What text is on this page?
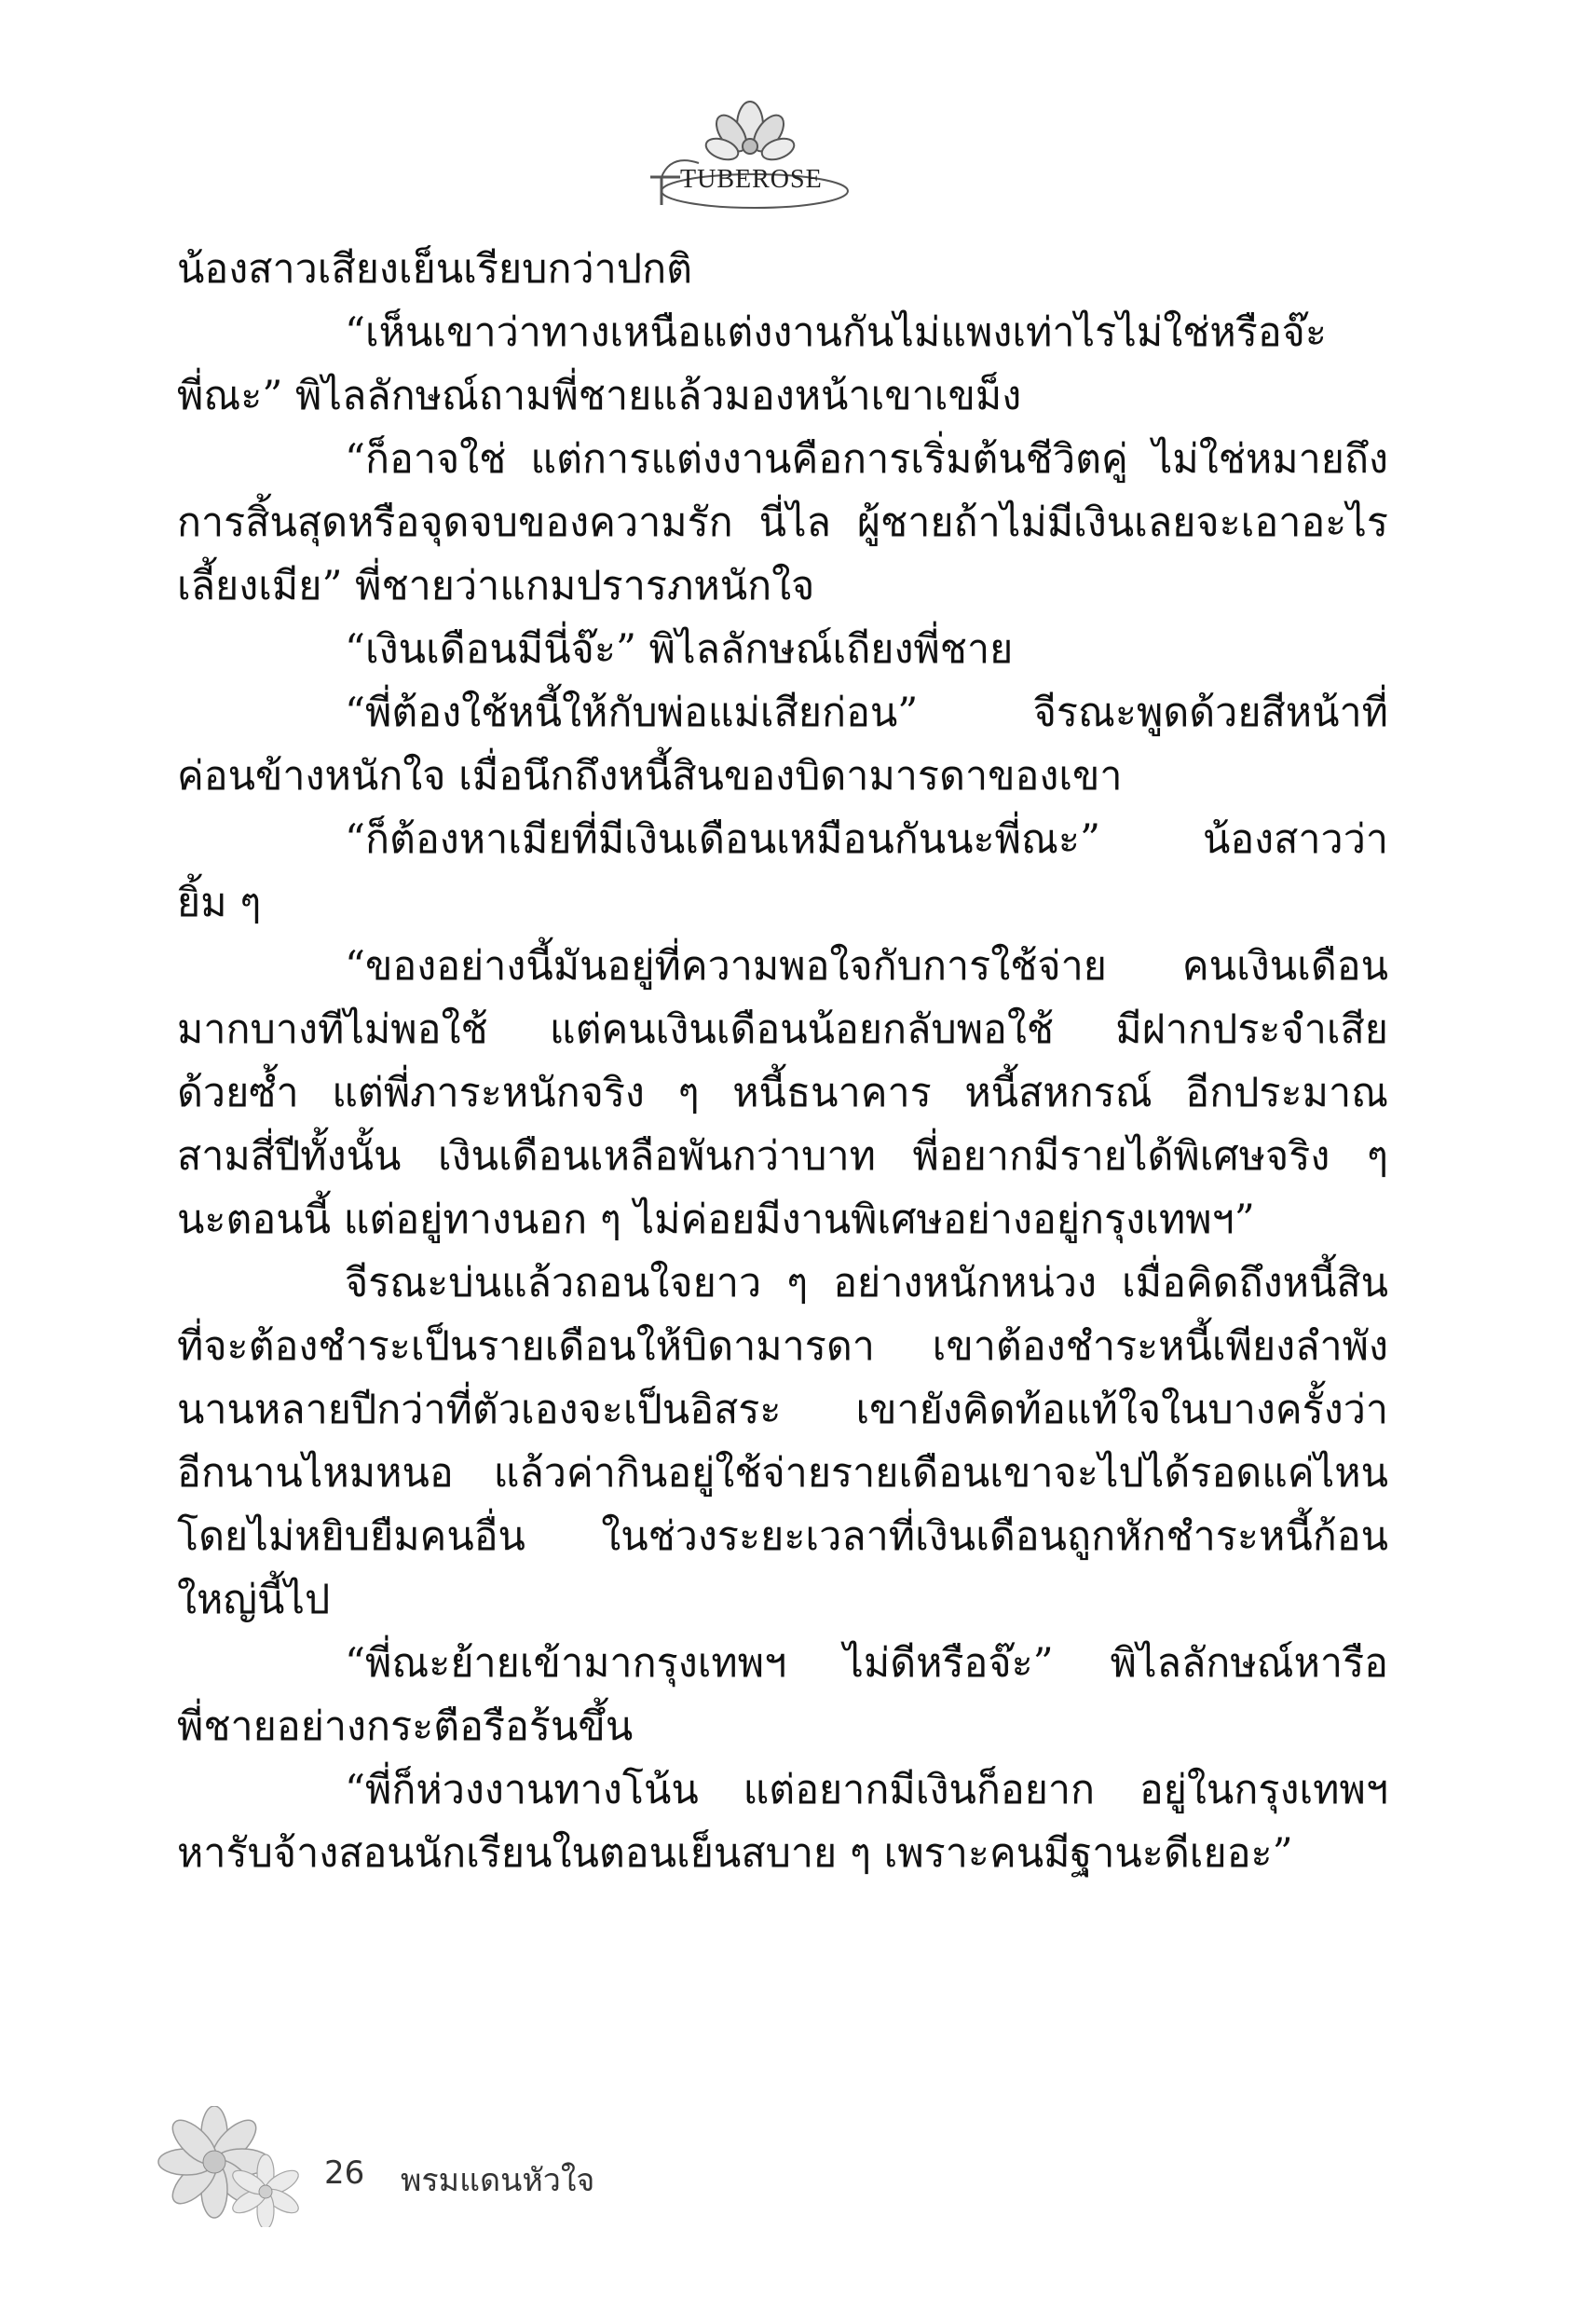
TUBEROSE
น้องสาวเสียงเย็นเรียบกว่าปกติ
“เห็นเขาว่าทางเหนือแต่งงานกันไม่แพงเท่าไรไม่ใช่หรือจ๊ะ
พี่ณะ” พิไลลักษณ์ถามพี่ชายแล้วมองหน้าเขาเขม็ง
“ก็อาจใช่ แต่การแต่งงานคือการเริ่มต้นชีวิตคู่ ไม่ใช่หมายถึง
การสิ้นสุดหรือจุดจบของความรัก นี่ไล ผู้ชายถ้าไม่มีเงินเลยจะเอาอะไร
เลี้ยงเมีย” พี่ชายว่าแกมปรารภหนักใจ
“เงินเดือนมีนี่จ๊ะ” พิไลลักษณ์เถียงพี่ชาย
“พี่ต้องใช้หนี้ให้กับพ่อแม่เสียก่อน” จีรณะพูดด้วยสีหน้าที่
ค่อนข้างหนักใจ เมื่อนึกถึงหนี้สินของบิดามารดาของเขา
“ก็ต้องหาเมียที่มีเงินเดือนเหมือนกันนะพี่ณะ” น้องสาวว่า
ยิ้ม ๆ
“ของอย่างนี้มันอยู่ที่ความพอใจกับการใช้จ่าย คนเงินเดือน
มากบางทีไม่พอใช้ แต่คนเงินเดือนน้อยกลับพอใช้ มีฝากประจำเสีย
ด้วยซ้ำ แต่พี่ภาระหนักจริง ๆ หนี้ธนาคาร หนี้สหกรณ์ อีกประมาณ
สามสี่ปีทั้งนั้น เงินเดือนเหลือพันกว่าบาท พี่อยากมีรายได้พิเศษจริง ๆ
นะตอนนี้ แต่อยู่ทางนอก ๆ ไม่ค่อยมีงานพิเศษอย่างอยู่กรุงเทพฯ”
จีรณะบ่นแล้วถอนใจยาว ๆ อย่างหนักหน่วง เมื่อคิดถึงหนี้สิน
ที่จะต้องชำระเป็นรายเดือนให้บิดามารดา เขาต้องชำระหนี้เพียงลำพัง
นานหลายปีกว่าที่ตัวเองจะเป็นอิสระ เขายังคิดท้อแท้ใจในบางครั้งว่า
อีกนานไหมหนอ แล้วค่ากินอยู่ใช้จ่ายรายเดือนเขาจะไปได้รอดแค่ไหน
โดยไม่หยิบยืมคนอื่น ในช่วงระยะเวลาที่เงินเดือนถูกหักชำระหนี้ก้อน
ใหญ่นี้ไป
“พี่ณะย้ายเข้ามากรุงเทพฯ ไม่ดีหรือจ๊ะ” พิไลลักษณ์หารือ
พี่ชายอย่างกระตือรือร้นขึ้น
“พี่ก็ห่วงงานทางโน้น แต่อยากมีเงินก็อยาก อยู่ในกรุงเทพฯ
หารับจ้างสอนนักเรียนในตอนเย็นสบาย ๆ เพราะคนมีฐานะดีเยอะ”
26 พรมแดนหัวใจ
